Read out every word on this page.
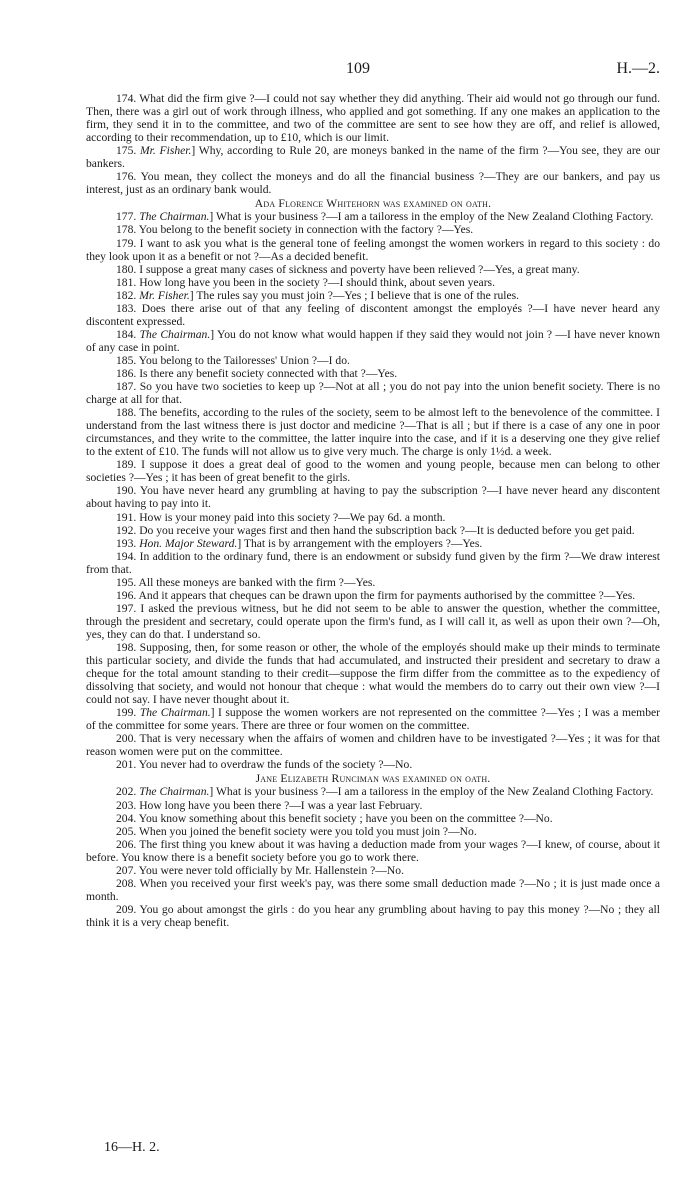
109	H.—2.

174. What did the firm give ?—I could not say whether they did anything. Their aid would not go through our fund. Then, there was a girl out of work through illness, who applied and got something. If any one makes an application to the firm, they send it in to the committee, and two of the committee are sent to see how they are off, and relief is allowed, according to their recommendation, up to £10, which is our limit.

175. Mr. Fisher.] Why, according to Rule 20, are moneys banked in the name of the firm ?—You see, they are our bankers.

176. You mean, they collect the moneys and do all the financial business ?—They are our bankers, and pay us interest, just as an ordinary bank would.

Ada Florence Whitehorn was examined on oath.

177. The Chairman.] What is your business ?—I am a tailoress in the employ of the New Zealand Clothing Factory.

178. You belong to the benefit society in connection with the factory ?—Yes.

179. I want to ask you what is the general tone of feeling amongst the women workers in regard to this society : do they look upon it as a benefit or not ?—As a decided benefit.

180. I suppose a great many cases of sickness and poverty have been relieved ?—Yes, a great many.

181. How long have you been in the society ?—I should think, about seven years.

182. Mr. Fisher.] The rules say you must join ?—Yes ; I believe that is one of the rules.

183. Does there arise out of that any feeling of discontent amongst the employés ?—I have never heard any discontent expressed.

184. The Chairman.] You do not know what would happen if they said they would not join ? —I have never known of any case in point.

185. You belong to the Tailoresses' Union ?—I do.

186. Is there any benefit society connected with that ?—Yes.

187. So you have two societies to keep up ?—Not at all ; you do not pay into the union benefit society. There is no charge at all for that.

188. The benefits, according to the rules of the society, seem to be almost left to the benevolence of the committee. I understand from the last witness there is just doctor and medicine ?—That is all ; but if there is a case of any one in poor circumstances, and they write to the committee, the latter inquire into the case, and if it is a deserving one they give relief to the extent of £10. The funds will not allow us to give very much. The charge is only 1½d. a week.

189. I suppose it does a great deal of good to the women and young people, because men can belong to other societies ?—Yes ; it has been of great benefit to the girls.

190. You have never heard any grumbling at having to pay the subscription ?—I have never heard any discontent about having to pay into it.

191. How is your money paid into this society ?—We pay 6d. a month.

192. Do you receive your wages first and then hand the subscription back ?—It is deducted before you get paid.

193. Hon. Major Steward.] That is by arrangement with the employers ?—Yes.

194. In addition to the ordinary fund, there is an endowment or subsidy fund given by the firm ?—We draw interest from that.

195. All these moneys are banked with the firm ?—Yes.

196. And it appears that cheques can be drawn upon the firm for payments authorised by the committee ?—Yes.

197. I asked the previous witness, but he did not seem to be able to answer the question, whether the committee, through the president and secretary, could operate upon the firm's fund, as I will call it, as well as upon their own ?—Oh, yes, they can do that. I understand so.

198. Supposing, then, for some reason or other, the whole of the employés should make up their minds to terminate this particular society, and divide the funds that had accumulated, and instructed their president and secretary to draw a cheque for the total amount standing to their credit—suppose the firm differ from the committee as to the expediency of dissolving that society, and would not honour that cheque : what would the members do to carry out their own view ?—I could not say. I have never thought about it.

199. The Chairman.] I suppose the women workers are not represented on the committee ?—Yes ; I was a member of the committee for some years. There are three or four women on the committee.

200. That is very necessary when the affairs of women and children have to be investigated ?—Yes ; it was for that reason women were put on the committee.

201. You never had to overdraw the funds of the society ?—No.

Jane Elizabeth Runciman was examined on oath.

202. The Chairman.] What is your business ?—I am a tailoress in the employ of the New Zealand Clothing Factory.

203. How long have you been there ?—I was a year last February.

204. You know something about this benefit society ; have you been on the committee ?—No.

205. When you joined the benefit society were you told you must join ?—No.

206. The first thing you knew about it was having a deduction made from your wages ?—I knew, of course, about it before. You know there is a benefit society before you go to work there.

207. You were never told officially by Mr. Hallenstein ?—No.

208. When you received your first week's pay, was there some small deduction made ?—No ; it is just made once a month.

209. You go about amongst the girls : do you hear any grumbling about having to pay this money ?—No ; they all think it is a very cheap benefit.

16—H. 2.
